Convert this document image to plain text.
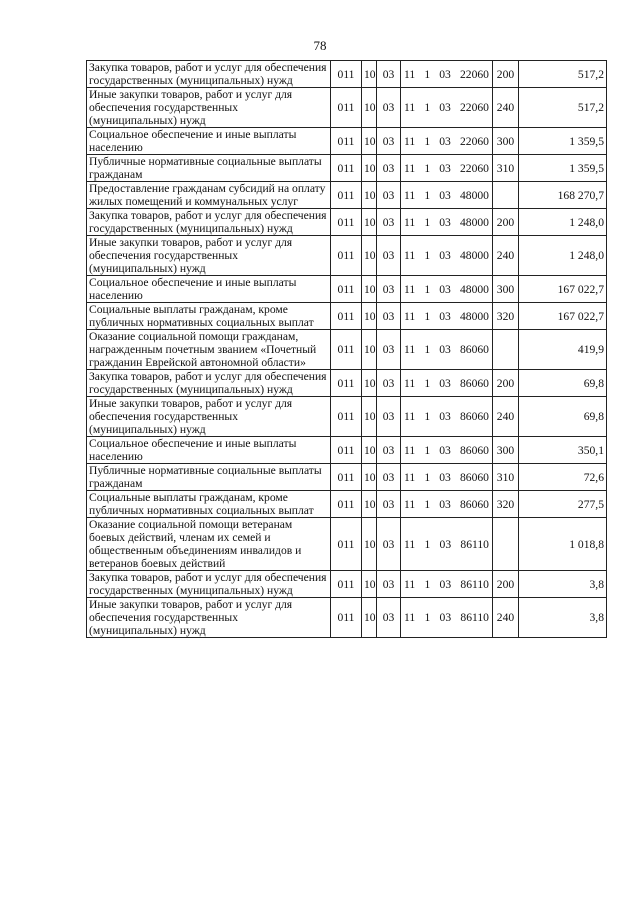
78
Закупка товаров, работ и услуг для обеспечения государственных (муниципальных) нужд	011	10	03	11 1 03 22060	200	517,2
Иные закупки товаров, работ и услуг для обеспечения государственных (муниципальных) нужд	011	10	03	11 1 03 22060	240	517,2
Социальное обеспечение и иные выплаты населению	011	10	03	11 1 03 22060	300	1 359,5
Публичные нормативные социальные выплаты гражданам	011	10	03	11 1 03 22060	310	1 359,5
Предоставление гражданам субсидий на оплату жилых помещений и коммунальных услуг	011	10	03	11 1 03 48000		168 270,7
Закупка товаров, работ и услуг для обеспечения государственных (муниципальных) нужд	011	10	03	11 1 03 48000	200	1 248,0
Иные закупки товаров, работ и услуг для обеспечения государственных (муниципальных) нужд	011	10	03	11 1 03 48000	240	1 248,0
Социальное обеспечение и иные выплаты населению	011	10	03	11 1 03 48000	300	167 022,7
Социальные выплаты гражданам, кроме публичных нормативных социальных выплат	011	10	03	11 1 03 48000	320	167 022,7
Оказание социальной помощи гражданам, награжденным почетным званием «Почетный гражданин Еврейской автономной области»	011	10	03	11 1 03 86060		419,9
Закупка товаров, работ и услуг для обеспечения государственных (муниципальных) нужд	011	10	03	11 1 03 86060	200	69,8
Иные закупки товаров, работ и услуг для обеспечения государственных (муниципальных) нужд	011	10	03	11 1 03 86060	240	69,8
Социальное обеспечение и иные выплаты населению	011	10	03	11 1 03 86060	300	350,1
Публичные нормативные социальные выплаты гражданам	011	10	03	11 1 03 86060	310	72,6
Социальные выплаты гражданам, кроме публичных нормативных социальных выплат	011	10	03	11 1 03 86060	320	277,5
Оказание социальной помощи ветеранам боевых действий, членам их семей и общественным объединениям инвалидов и ветеранов боевых действий	011	10	03	11 1 03 86110		1 018,8
Закупка товаров, работ и услуг для обеспечения государственных (муниципальных) нужд	011	10	03	11 1 03 86110	200	3,8
Иные закупки товаров, работ и услуг для обеспечения государственных (муниципальных) нужд	011	10	03	11 1 03 86110	240	3,8
